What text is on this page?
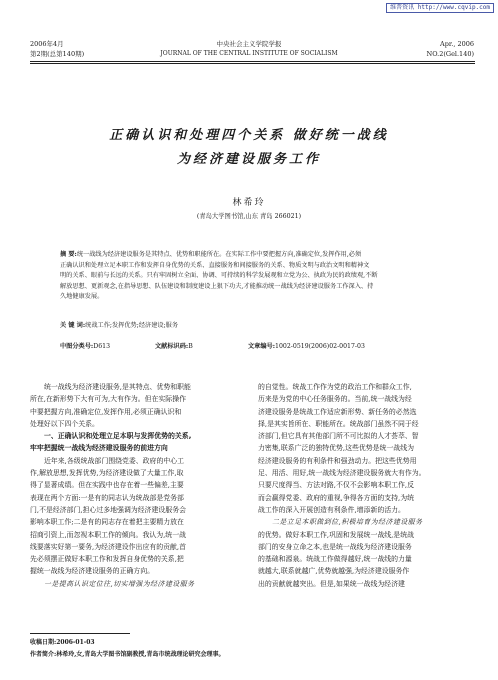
维普资讯 http://www.cqvip.com
2006年4月
第2期(总第140期)
中央社会主义学院学报
JOURNAL OF THE CENTRAL INSTITUTE OF SOCIALISM
Apr., 2006
NO.2(Gel.140)
正确认识和处理四个关系 做好统一战线
为经济建设服务工作
林希玲
(青岛大学图书馆,山东 青岛 266021)
摘 要:统一战线为经济建设服务是其特点、优势和职能所在。在实际工作中要把握方向,准确定位,发挥作用,必须
正确认识和处理立足本职工作和发挥自身优势的关系、直接服务和间接服务的关系、物质文明与政治文明和精神文
明的关系、眼前与长远的关系。只有牢固树立全面、协调、可持续的科学发展观和立党为公、执政为民的政绩观,不断
解放思想、更新观念,在指导思想、队伍建设和制度建设上狠下功夫,才能推动统一战线为经济建设服务工作深入、持
久地健康发展。
关 键 词:统战工作;发挥优势;经济建设;服务
中图分类号:D613	文献标识码:B	文章编号:1002-0519(2006)02-0017-03

统一战线为经济建设服务,是其特点、优势和职能

所在,在新形势下大有可为,大有作为。但在实际操作

中要把握方向,准确定位,发挥作用,必须正确认识和

处理好以下四个关系。

一、正确认识和处理立足本职与发挥优势的关系,

牢牢把握统一战线为经济建设服务的前进方向

近年来,各级统战部门围绕党委、政府的中心工

作,解放思想,发挥优势,为经济建设做了大量工作,取

得了显著成绩。但在实践中也存在着一些偏差,主要

表现在两个方面:一是有的同志认为统战部是党务部

门,不是经济部门,担心过多地强调为经济建设服务会

影响本职工作;二是有的同志存在着把主要精力放在

招商引资上,而忽视本职工作的倾向。我认为,统一战

线要落实好第一要务,为经济建设作出应有的贡献,首

先必须摆正做好本职工作和发挥自身优势的关系,把

握统一战线为经济建设服务的正确方向。

一是提高认识定位往,切实增强为经济建设服务

的自觉性。统战工作作为党的政治工作和群众工作,

历来是为党的中心任务服务的。当前,统一战线为经

济建设服务是统战工作适应新形势、新任务的必然选

择,是其实旨所在、职能所在。统战部门虽然不同于经

济部门,但它具有其他部门所不可比拟的人才荟萃、智

力密集,联系广泛的独特优势,这些优势是统一战线为

经济建设服务的有利条件和强劲动力。把这些优势用

足、用活、用好,统一战线为经济建设服务就大有作为。

只要尺度得当、方法对路,不仅不会影响本职工作,反

而会赢得党委、政府的重视,争得各方面的支持,为统

战工作的深入开展创造有利条件,增添新的活力。

二是立足本职做到位,积极培育为经济建设服务

的优势。做好本职工作,巩固和发展统一战线,是统战

部门的安身立命之本,也是统一战线为经济建设服务

的基础和源泉。统战工作做得越好,统一战线的力量

就越大,联系就越广,优势就越强,为经济建设服务作

出的贡献就越突出。但是,如果统一战线为经济建

收稿日期:2006-01-03
作者简介:林希玲,女,青岛大学图书馆副教授,青岛市统战理论研究会理事。
